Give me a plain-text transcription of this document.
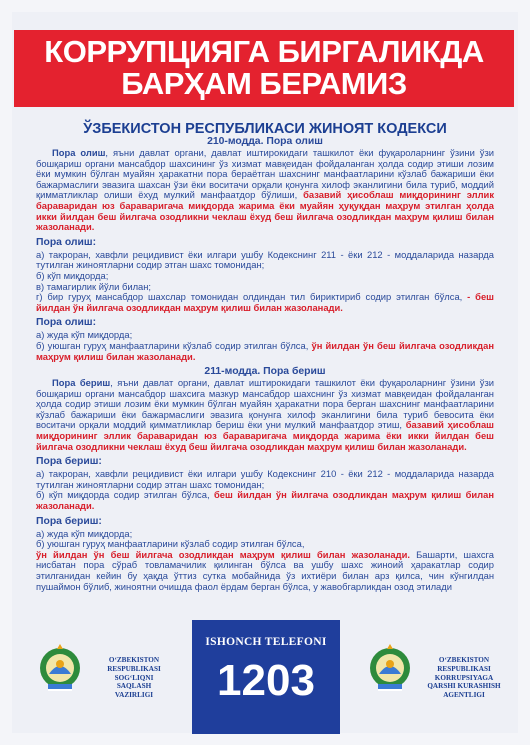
КОРРУПЦИЯГА БИРГАЛИКДА
БАРҲАМ БЕРАМИЗ
ЎЗБЕКИСТОН РЕСПУБЛИКАСИ ЖИНОЯТ КОДЕКСИ

210-модда. Пора олиш

Пора олиш, яъни давлат органи, давлат иштирокидаги ташкилот ёки фуқароларнинг ўзини ўзи бошқариш органи мансабдор шахсининг ўз хизмат мавқеидан фойдаланган ҳолда содир этиши лозим ёки мумкин бўлган муайян ҳаракатни пора бераётган шахснинг манфаатларини кўзлаб бажариши ёки бажармаслиги эвазига шахсан ўзи ёки воситачи орқали қонунга хилоф эканлигини била туриб, моддий қимматликлар олиши ёхуд мулкий манфаатдор бўлиши, базавий ҳисоблаш миқдорининг эллик бараваридан юз бараваригача миқдорда жарима ёки муайян ҳуқуқдан маҳрум этилган ҳолда икки йилдан беш йилгача озодликни чеклаш ёхуд беш йилгача озодликдан маҳрум қилиш билан жазоланади.

Пора олиш:

а) такроран, хавфли рецидивист ёки илгари ушбу Кодекснинг 211 - ёки 212 - моддаларида назарда тутилган жиноятларни содир этган шахс томонидан;

б) кўп миқдорда;

в) тамагирлик йўли билан;

г) бир гуруҳ мансабдор шахслар томонидан олдиндан тил бириктириб содир этилган бўлса, - беш йилдан ўн йилгача озодликдан маҳрум қилиш билан жазоланади.

Пора олиш:

а) жуда кўп миқдорда;

б) уюшган гуруҳ манфаатларини кўзлаб содир этилган бўлса, ўн йилдан ўн беш йилгача озодликдан маҳрум қилиш билан жазоланади.

211-модда. Пора бериш

Пора бериш, яъни давлат органи, давлат иштирокидаги ташкилот ёки фуқароларнинг ўзини ўзи бошқариш органи мансабдор шахсига мазкур мансабдор шахснинг ўз хизмат мавқеидан фойдаланган ҳолда содир этиши лозим ёки мумкин бўлган муайян ҳаракатни пора берган шахснинг манфаатларини кўзлаб бажариши ёки бажармаслиги эвазига қонунга хилоф эканлигини била туриб бевосита ёки воситачи орқали моддий қимматликлар бериш ёки уни мулкий манфаатдор этиш, базавий ҳисоблаш миқдорининг эллик бараваридан юз бараваригача миқдорда жарима ёки икки йилдан беш йилгача озодликни чеклаш ёхуд беш йилгача озодликдан маҳрум қилиш билан жазоланади.

Пора бериш:

а) такроран, хавфли рецидивист ёки илгари ушбу Кодекснинг 210 - ёки 212 - моддаларида назарда тутилган жиноятларни содир этган шахс томонидан;

б) кўп миқдорда содир этилган бўлса, беш йилдан ўн йилгача озодликдан маҳрум қилиш билан жазоланади.

Пора бериш:

а) жуда кўп миқдорда;

б) уюшган гуруҳ манфаатларини кўзлаб содир этилган бўлса,

ўн йилдан ўн беш йилгача озодликдан маҳрум қилиш билан жазоланади. Башарти, шахсга нисбатан пора сўраб товламачилик қилинган бўлса ва ушбу шахс жиноий ҳаракатлар содир этилганидан кейин бу ҳақда ўттиз сутка мобайнида ўз ихтиёри билан арз қилса, чин кўнгилдан пушаймон бўлиб, жиноятни очишда фаол ёрдам берган бўлса, у жавобгарликдан озод этилади

O‘ZBEKISTON
RESPUBLIKASI
SOG‘LIQNI
SAQLASH
VAZIRLIGI
ISHONCH TELEFONI
1203	O‘ZBEKISTON
RESPUBLIKASI
KORRUPSIYAGA
QARSHI KURASHISH
AGENTLIGI
